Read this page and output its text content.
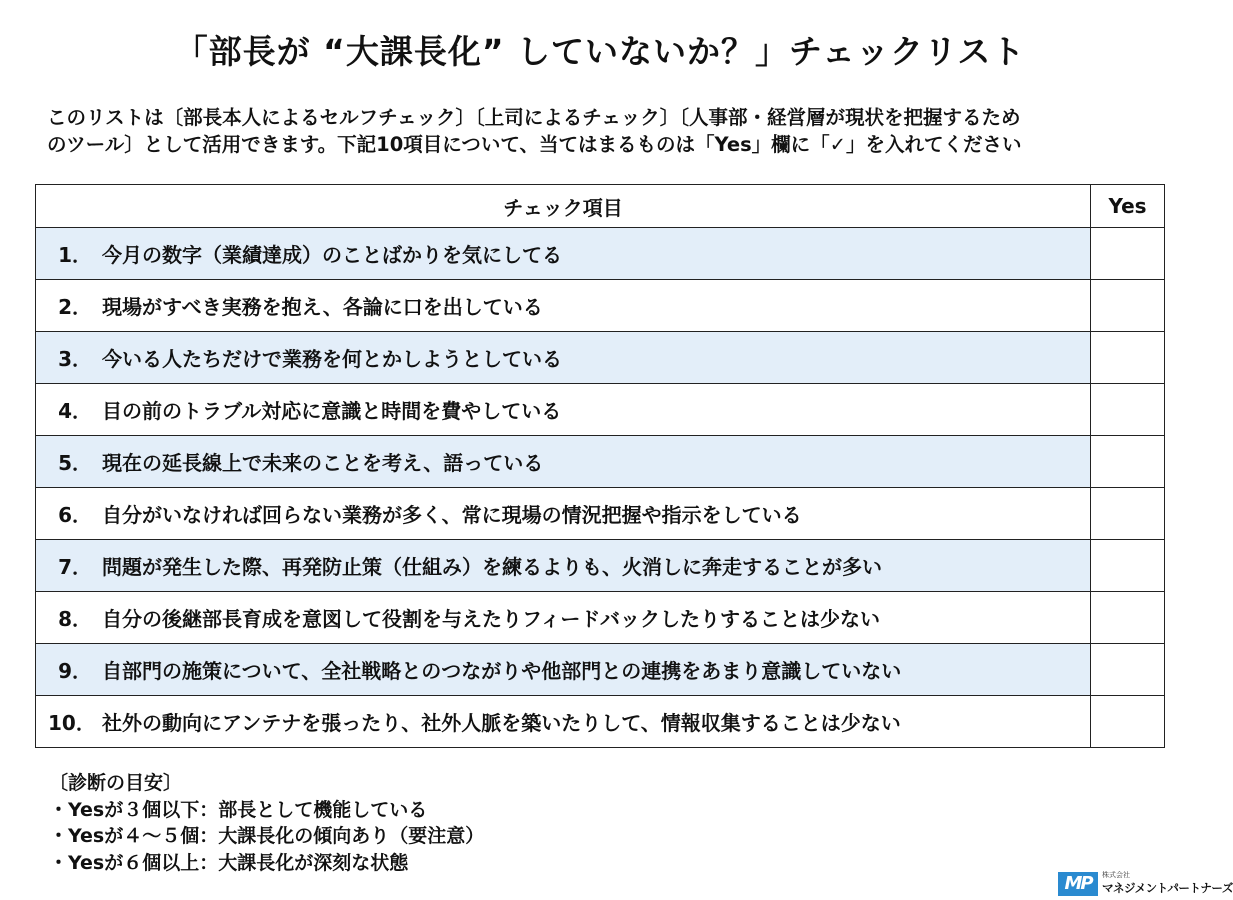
「部長が “大課長化” していないか？」チェックリスト
このリストは〔部長本人によるセルフチェック〕〔上司によるチェック〕〔人事部・経営層が現状を把握するため
のツール〕として活用できます。下記10項目について、当てはまるものは「Yes」欄に「✓」を入れてください
チェック項目	Yes
1． 今月の数字（業績達成）のことばかりを気にしてる	
2． 現場がすべき実務を抱え、各論に口を出している	
3． 今いる人たちだけで業務を何とかしようとしている	
4． 目の前のトラブル対応に意識と時間を費やしている	
5． 現在の延長線上で未来のことを考え、語っている	
6． 自分がいなければ回らない業務が多く、常に現場の情況把握や指示をしている	
7． 問題が発生した際、再発防止策（仕組み）を練るよりも、火消しに奔走することが多い	
8． 自分の後継部長育成を意図して役割を与えたりフィードバックしたりすることは少ない	
9． 自部門の施策について、全社戦略とのつながりや他部門との連携をあまり意識していない	
10． 社外の動向にアンテナを張ったり、社外人脈を築いたりして、情報収集することは少ない	
〔診断の目安〕
・Yesが３個以下：部長として機能している
・Yesが４～５個：大課長化の傾向あり（要注意）
・Yesが６個以上：大課長化が深刻な状態
MP	株式会社
マネジメントパートナーズ
